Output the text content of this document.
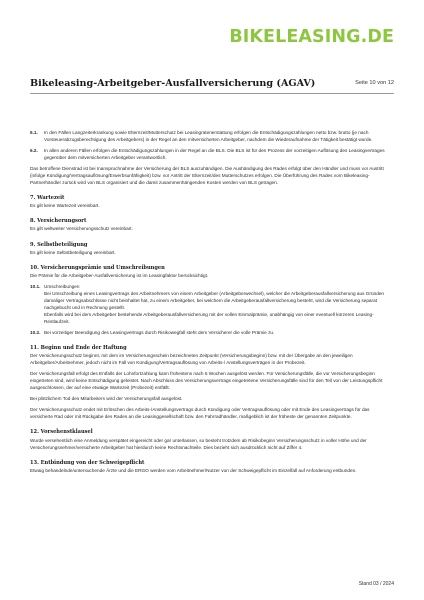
BIKELEASING.DE
Bikeleasing-Arbeitgeber-Ausfallversicherung (AGAV)	Seite 10 von 12
6.1.	In den Fällen Langzeiterkrankung sowie Elternzeit/Mutterschutz bei Leasingratenerstattung erfolgen die Entschädigungszahlungen netto bzw. brutto (je nach Vorsteuerabzugsberechtigung des Arbeitgebers) in der Regel an den mitversicherten Arbeitgeber, nachdem die Wiederaufnahme der Tätigkeit bestätigt wurde.
6.2.	In allen anderen Fällen erfolgen die Entschädigungszahlungen in der Regel an die BLS. Die BLS ist für den Prozess der vorzeitigen Auflösung des Leasingvertrages gegenüber dem mitversicherten Arbeitgeber verantwortlich.

Das betroffene Dienstrad ist bei Inanspruchnahme der Versicherung der BLS auszuhändigen. Die Aushändigung des Rades erfolgt über den Händler und muss vor Austritt (infolge Kündigung/Vertragsauflösung/Erwerbsunfähigkeit) bzw. vor Antritt der Elternzeit/des Mutterschutzes erfolgen. Die Überführung des Rades vom Bikeleasing-Partnerhändler zurück wird von BLS organisiert und die damit zusammenhängenden Kosten werden von BLS getragen.

7. Wartezeit

Es gilt keine Wartezeit vereinbart.

8. Versicherungsort

Es gilt weltweiter Versicherungsschutz vereinbart.

9. Selbstbeteiligung

Es gilt keine Selbstbeteiligung vereinbart.

10. Versicherungsprämie und Umschreibungen

Die Prämie für die Arbeitgeber-Ausfallversicherung ist im Leasingfaktor berücksichtigt.

10.1. Umschreibungen
Bei Umschreibung eines Leasingvertrags des Arbeitnehmers von einem Arbeitgeber (Arbeitgeberwechsel), welcher die Arbeitgeberausfallversicherung aus Gründen damaliger Vertragsabschlüsse nicht beinhaltet hat, zu einem Arbeitgeber, bei welchem die Arbeitgeberausfallversicherung besteht, wird die Versicherung separat nachgebucht und in Rechnung gestellt.
Ebenfalls wird bei dem Arbeitgeber bestehende Arbeitgeberausfallversicherung mit der vollen Einmalprämie, unabhängig von einer eventuell kürzeren Leasing-Restlaufzeit.
10.2. Bei vorzeitiger Beendigung des Leasingvertrags durch Risikowegfall steht dem Versicherer die volle Prämie zu.

11. Beginn und Ende der Haftung

Der Versicherungsschutz beginnt, mit dem im Versicherungsschein bezeichneten Zeitpunkt (Versicherungsbeginn) bzw. mit der Übergabe an den jeweiligen Arbeitgeber/Arbeitnehmer, jedoch nicht im Fall von Kündigung/Vertragsauflösung von Arbeits-/ Anstellungsverträgen in der Probezeit.

Der Versicherungsfall erfolgt des Entfalls der Lohnfortzahlung kann frühestens nach 6 Wochen ausgelöst werden. Für Versicherungsfälle, die vor Versicherungsbeginn eingetreten sind, wird keine Entschädigung geleistet. Nach Abschluss des Versicherungsvertrags eingetretene Versicherungsfälle sind für den Teil von der Leistungspflicht ausgeschlossen, der auf eine etwaige Wartezeit (Probezeit) entfällt.

Bei plötzlichem Tod des Mitarbeiters wird der Versicherungsfall ausgelöst.

Der Versicherungsschutz endet mit Erlöschen des Arbeits-/Anstellungsvertrags durch Kündigung oder Vertragsauflösung oder mit Ende des Leasingvertrags für das versicherte Rad oder mit Rückgabe des Rades an die Leasinggesellschaft bzw. den Fahrradhändler, maßgeblich ist der früheste der genannten Zeitpunkte.

12. Vorsehenstklausel

Wurde versehentlich eine Anmeldung verspätet eingereicht oder gar unterlassen, so besteht trotzdem ab Risikobeginn Versicherungsschutz in voller Höhe und der Versicherungsnehmer/versicherte Arbeitgeber hat hierdurch keine Rechtsnachteile. Dies bezieht sich ausdrücklich nicht auf Ziffer 4.

13. Entbindung von der Schweigepflicht

Etwaig behandelnde/untersuchende Ärzte und die ERGO werden vom Arbeitnehmer/Nutzer von der Schweigepflicht im Einzelfall auf Anforderung entbunden.

Stand 03 / 2024
